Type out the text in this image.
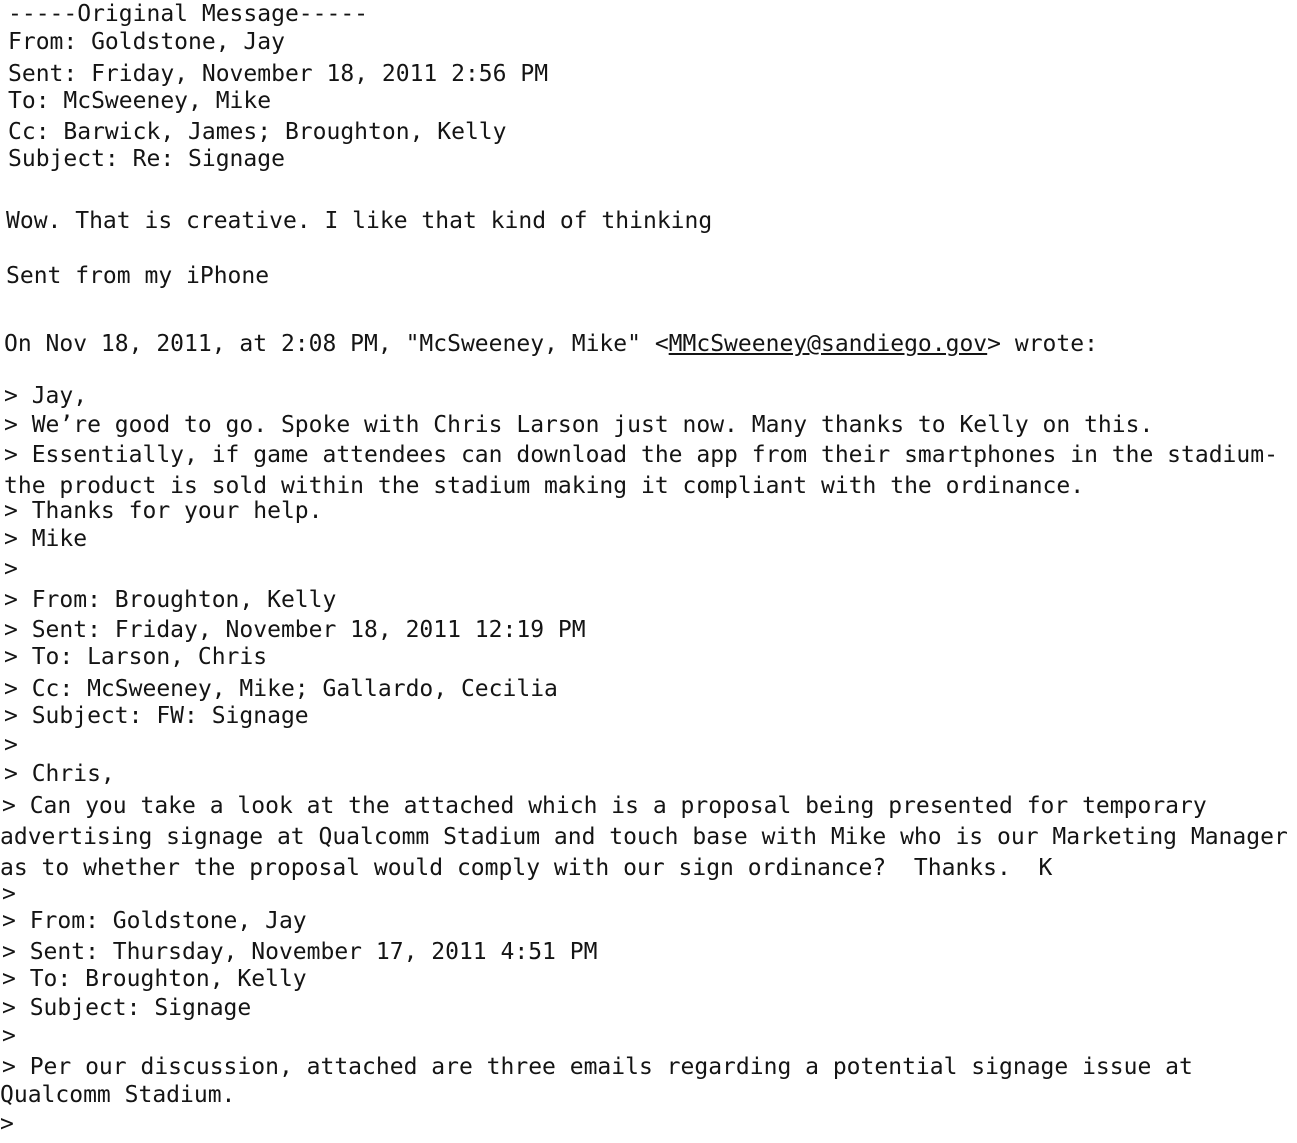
-----Original Message-----
From: Goldstone, Jay
Sent: Friday, November 18, 2011 2:56 PM
To: McSweeney, Mike
Cc: Barwick, James; Broughton, Kelly
Subject: Re: Signage
Wow. That is creative. I like that kind of thinking
Sent from my iPhone
On Nov 18, 2011, at 2:08 PM, "McSweeney, Mike" <MMcSweeney@sandiego.gov> wrote:
> Jay,
> We’re good to go. Spoke with Chris Larson just now. Many thanks to Kelly on this.
> Essentially, if game attendees can download the app from their smartphones in the stadium-
the product is sold within the stadium making it compliant with the ordinance.
> Thanks for your help.
> Mike
>
> From: Broughton, Kelly
> Sent: Friday, November 18, 2011 12:19 PM
> To: Larson, Chris
> Cc: McSweeney, Mike; Gallardo, Cecilia
> Subject: FW: Signage
>
> Chris,
> Can you take a look at the attached which is a proposal being presented for temporary
advertising signage at Qualcomm Stadium and touch base with Mike who is our Marketing Manager
as to whether the proposal would comply with our sign ordinance?  Thanks.  K
>
> From: Goldstone, Jay
> Sent: Thursday, November 17, 2011 4:51 PM
> To: Broughton, Kelly
> Subject: Signage
>
> Per our discussion, attached are three emails regarding a potential signage issue at
Qualcomm Stadium.
>
